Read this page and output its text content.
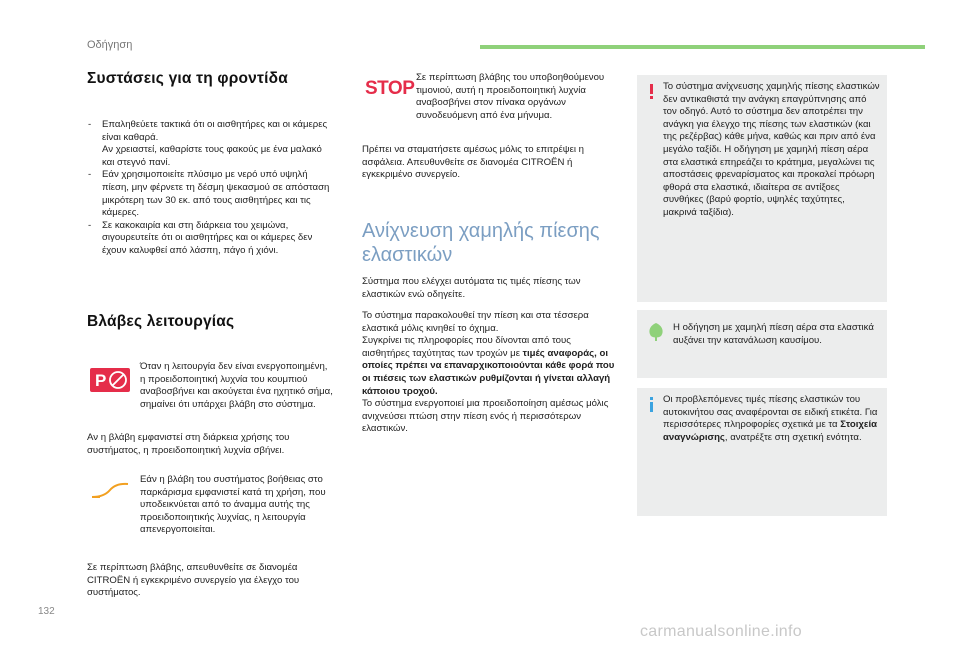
Οδήγηση
Συστάσεις για τη φροντίδα
- Επαληθεύετε τακτικά ότι οι αισθητήρες και οι κάμερες είναι καθαρά.
Αν χρειαστεί, καθαρίστε τους φακούς με ένα μαλακό και στεγνό πανί.
- Εάν χρησιμοποιείτε πλύσιμο με νερό υπό υψηλή πίεση, μην φέρνετε τη δέσμη ψεκασμού σε απόσταση μικρότερη των 30 εκ. από τους αισθητήρες και τις κάμερες.
- Σε κακοκαιρία και στη διάρκεια του χειμώνα, σιγουρευτείτε ότι οι αισθητήρες και οι κάμερες δεν έχουν καλυφθεί από λάσπη, πάγο ή χιόνι.
Βλάβες λειτουργίας
P
Όταν η λειτουργία δεν είναι ενεργοποιημένη, η προειδοποιητική λυχνία του κουμπιού αναβοσβήνει και ακούγεται ένα ηχητικό σήμα, σημαίνει ότι υπάρχει βλάβη στο σύστημα.
Αν η βλάβη εμφανιστεί στη διάρκεια χρήσης του συστήματος, η προειδοποιητική λυχνία σβήνει.
Εάν η βλάβη του συστήματος βοήθειας στο παρκάρισμα εμφανιστεί κατά τη χρήση, που υποδεικνύεται από το άναμμα αυτής της προειδοποιητικής λυχνίας, η λειτουργία απενεργοποιείται.
Σε περίπτωση βλάβης, απευθυνθείτε σε διανομέα CITROËN ή εγκεκριμένο συνεργείο για έλεγχο του συστήματος.
STOP
Σε περίπτωση βλάβης του υποβοηθούμενου τιμονιού, αυτή η προειδοποιητική λυχνία αναβοσβήνει στον πίνακα οργάνων συνοδευόμενη από ένα μήνυμα.
Πρέπει να σταματήσετε αμέσως μόλις το επιτρέψει η ασφάλεια. Απευθυνθείτε σε διανομέα CITROËN ή εγκεκριμένο συνεργείο.
Ανίχνευση χαμηλής πίεσης ελαστικών
Σύστημα που ελέγχει αυτόματα τις τιμές πίεσης των ελαστικών ενώ οδηγείτε.

Το σύστημα παρακολουθεί την πίεση και στα τέσσερα ελαστικά μόλις κινηθεί το όχημα.

Συγκρίνει τις πληροφορίες που δίνονται από τους αισθητήρες ταχύτητας των τροχών με τιμές αναφοράς, οι οποίες πρέπει να επαναρχικοποιούνται κάθε φορά που οι πιέσεις των ελαστικών ρυθμίζονται ή γίνεται αλλαγή κάποιου τροχού.

Το σύστημα ενεργοποιεί μια προειδοποίηση αμέσως μόλις ανιχνεύσει πτώση στην πίεση ενός ή περισσότερων ελαστικών.

Το σύστημα ανίχνευσης χαμηλής πίεσης ελαστικών δεν αντικαθιστά την ανάγκη επαγρύπνησης από τον οδηγό. Αυτό το σύστημα δεν αποτρέπει την ανάγκη για έλεγχο της πίεσης των ελαστικών (και της ρεζέρβας) κάθε μήνα, καθώς και πριν από ένα μεγάλο ταξίδι. Η οδήγηση με χαμηλή πίεση αέρα στα ελαστικά επηρεάζει το κράτημα, μεγαλώνει τις αποστάσεις φρεναρίσματος και προκαλεί πρόωρη φθορά στα ελαστικά, ιδιαίτερα σε αντίξοες συνθήκες (βαρύ φορτίο, υψηλές ταχύτητες, μακρινά ταξίδια).
Η οδήγηση με χαμηλή πίεση αέρα στα ελαστικά αυξάνει την κατανάλωση καυσίμου.
Οι προβλεπόμενες τιμές πίεσης ελαστικών του αυτοκινήτου σας αναφέρονται σε ειδική ετικέτα. Για περισσότερες πληροφορίες σχετικά με τα Στοιχεία αναγνώρισης, ανατρέξτε στη σχετική ενότητα.
132
carmanualsonline.info
